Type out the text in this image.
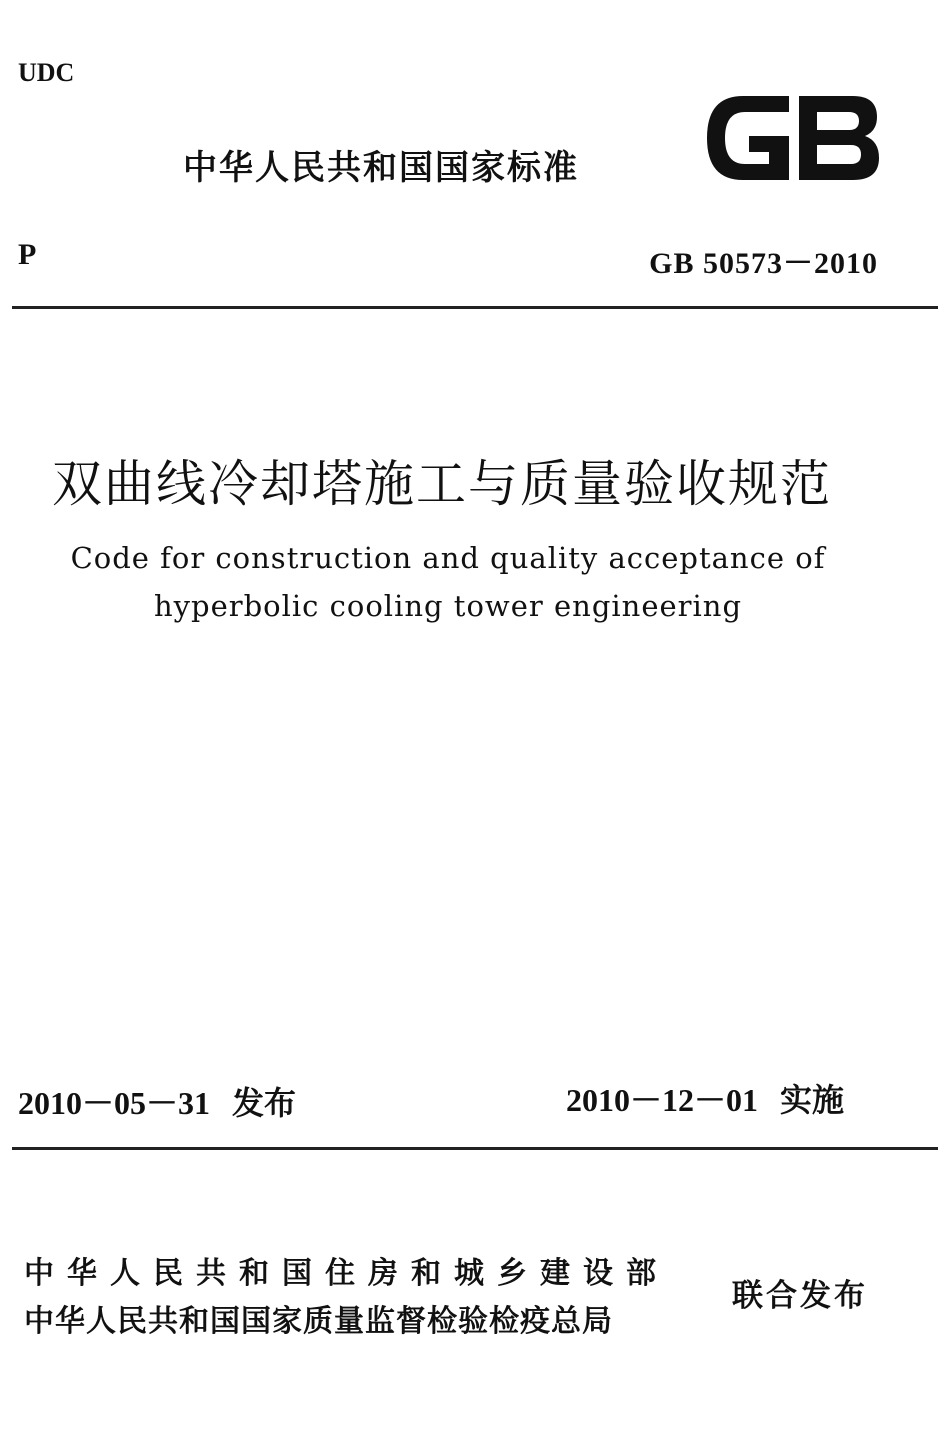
UDC
中华人民共和国国家标准
P	GB 50573－2010
双曲线冷却塔施工与质量验收规范
Code for construction and quality acceptance of
hyperbolic cooling tower engineering
2010－05－31 发布	2010－12－01 实施
中华人民共和国住房和城乡建设部
中华人民共和国国家质量监督检验检疫总局
联合发布
